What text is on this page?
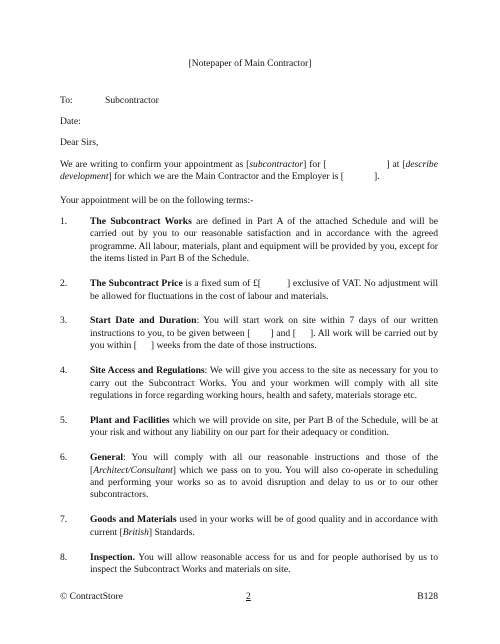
[Notepaper of Main Contractor]
To:	Subcontractor
Date:
Dear Sirs,
We are writing to confirm your appointment as [subcontractor] for [	] at [describe development] for which we are the Main Contractor and the Employer is [	].
Your appointment will be on the following terms:-
1.	The Subcontract Works are defined in Part A of the attached Schedule and will be carried out by you to our reasonable satisfaction and in accordance with the agreed programme. All labour, materials, plant and equipment will be provided by you, except for the items listed in Part B of the Schedule.
2.	The Subcontract Price is a fixed sum of £[	] exclusive of VAT. No adjustment will be allowed for fluctuations in the cost of labour and materials.
3.	Start Date and Duration: You will start work on site within 7 days of our written instructions to you, to be given between [ ] and [ ]. All work will be carried out by you within [ ] weeks from the date of those instructions.
4.	Site Access and Regulations: We will give you access to the site as necessary for you to carry out the Subcontract Works. You and your workmen will comply with all site regulations in force regarding working hours, health and safety, materials storage etc.
5.	Plant and Facilities which we will provide on site, per Part B of the Schedule, will be at your risk and without any liability on our part for their adequacy or condition.
6.	General: You will comply with all our reasonable instructions and those of the [Architect/Consultant] which we pass on to you. You will also co-operate in scheduling and performing your works so as to avoid disruption and delay to us or to our other subcontractors.
7.	Goods and Materials used in your works will be of good quality and in accordance with current [British] Standards.
8.	Inspection. You will allow reasonable access for us and for people authorised by us to inspect the Subcontract Works and materials on site.
© ContractStore	2	B128
